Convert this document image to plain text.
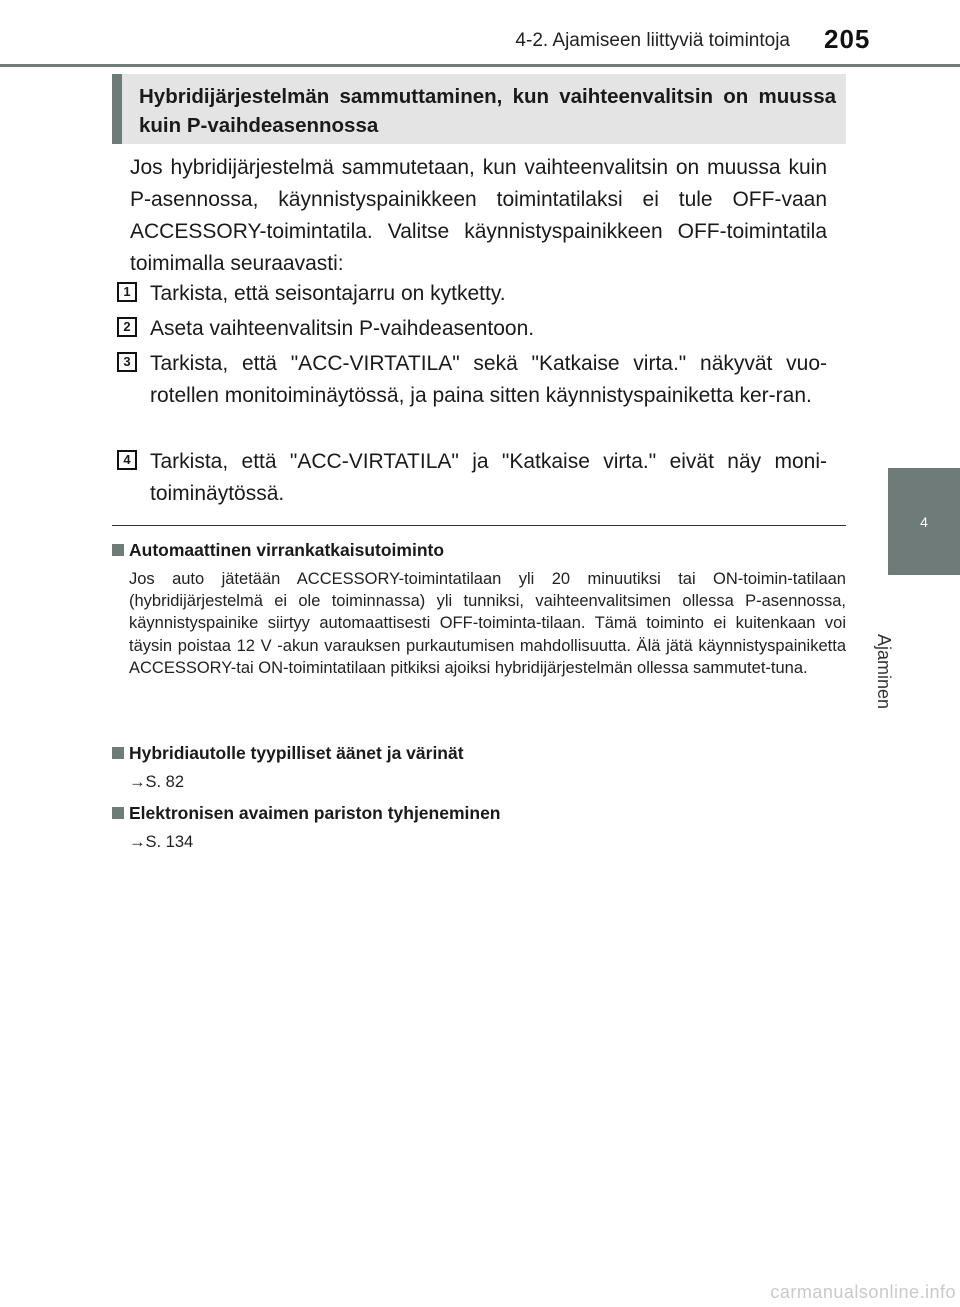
4-2. Ajamiseen liittyviä toimintoja 205
4
Ajaminen
Hybridijärjestelmän sammuttaminen, kun vaihteenvalitsin on muussa kuin P-vaihdeasennossa
Jos hybridijärjestelmä sammutetaan, kun vaihteenvalitsin on muussa kuin P-asennossa, käynnistyspainikkeen toimintatilaksi ei tule OFF-vaan ACCESSORY-toimintatila. Valitse käynnistyspainikkeen OFF-toimintatila toimimalla seuraavasti:
1 Tarkista, että seisontajarru on kytketty.
2 Aseta vaihteenvalitsin P-vaihdeasentoon.
3 Tarkista, että "ACC-VIRTATILA" sekä "Katkaise virta." näkyvät vuo-rotellen monitoiminäytössä, ja paina sitten käynnistyspainiketta ker-ran.
4 Tarkista, että "ACC-VIRTATILA" ja "Katkaise virta." eivät näy moni-toiminäytössä.
Automaattinen virrankatkaisutoiminto
Jos auto jätetään ACCESSORY-toimintatilaan yli 20 minuutiksi tai ON-toimin-tatilaan (hybridijärjestelmä ei ole toiminnassa) yli tunniksi, vaihteenvalitsimen ollessa P-asennossa, käynnistyspainike siirtyy automaattisesti OFF-toiminta-tilaan. Tämä toiminto ei kuitenkaan voi täysin poistaa 12 V -akun varauksen purkautumisen mahdollisuutta. Älä jätä käynnistyspainiketta ACCESSORY-tai ON-toimintatilaan pitkiksi ajoiksi hybridijärjestelmän ollessa sammutet-tuna.
Hybridiautolle tyypilliset äänet ja värinät
→S. 82
Elektronisen avaimen pariston tyhjeneminen
→S. 134
carmanualsonline.info
